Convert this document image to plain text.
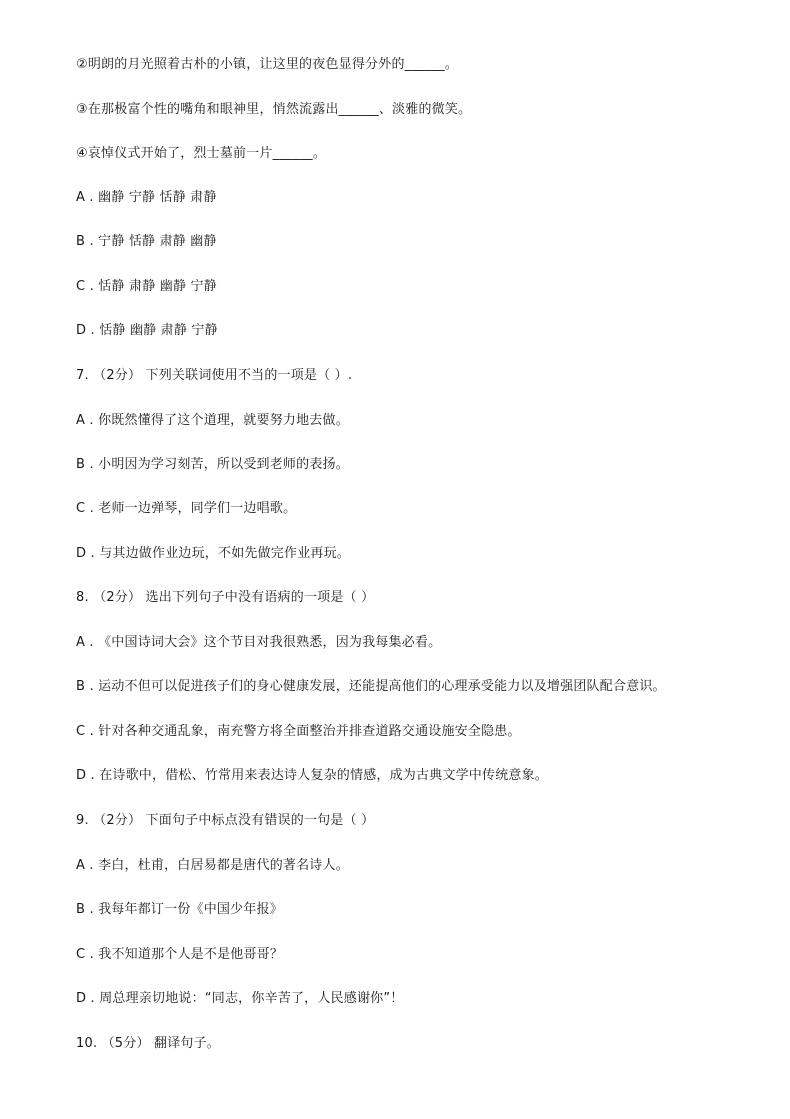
②明朗的月光照着古朴的小镇，让这里的夜色显得分外的______。
③在那极富个性的嘴角和眼神里，悄然流露出______、淡雅的微笑。
④哀悼仪式开始了，烈士墓前一片______。
A . 幽静 宁静 恬静 肃静
B . 宁静 恬静 肃静 幽静
C . 恬静 肃静 幽静 宁静
D . 恬静 幽静 肃静 宁静
7. （2分） 下列关联词使用不当的一项是（ ）.
A . 你既然懂得了这个道理，就要努力地去做。
B . 小明因为学习刻苦，所以受到老师的表扬。
C . 老师一边弹琴，同学们一边唱歌。
D . 与其边做作业边玩，不如先做完作业再玩。
8. （2分） 选出下列句子中没有语病的一项是（ ）
A . 《中国诗词大会》这个节目对我很熟悉，因为我每集必看。
B . 运动不但可以促进孩子们的身心健康发展，还能提高他们的心理承受能力以及增强团队配合意识。
C . 针对各种交通乱象，南充警方将全面整治并排查道路交通设施安全隐患。
D . 在诗歌中，借松、竹常用来表达诗人复杂的情感，成为古典文学中传统意象。
9. （2分） 下面句子中标点没有错误的一句是（ ）
A . 李白，杜甫，白居易都是唐代的著名诗人。
B . 我每年都订一份《中国少年报》
C . 我不知道那个人是不是他哥哥？
D . 周总理亲切地说：“同志，你辛苦了，人民感谢你”！
10. （5分） 翻译句子。
